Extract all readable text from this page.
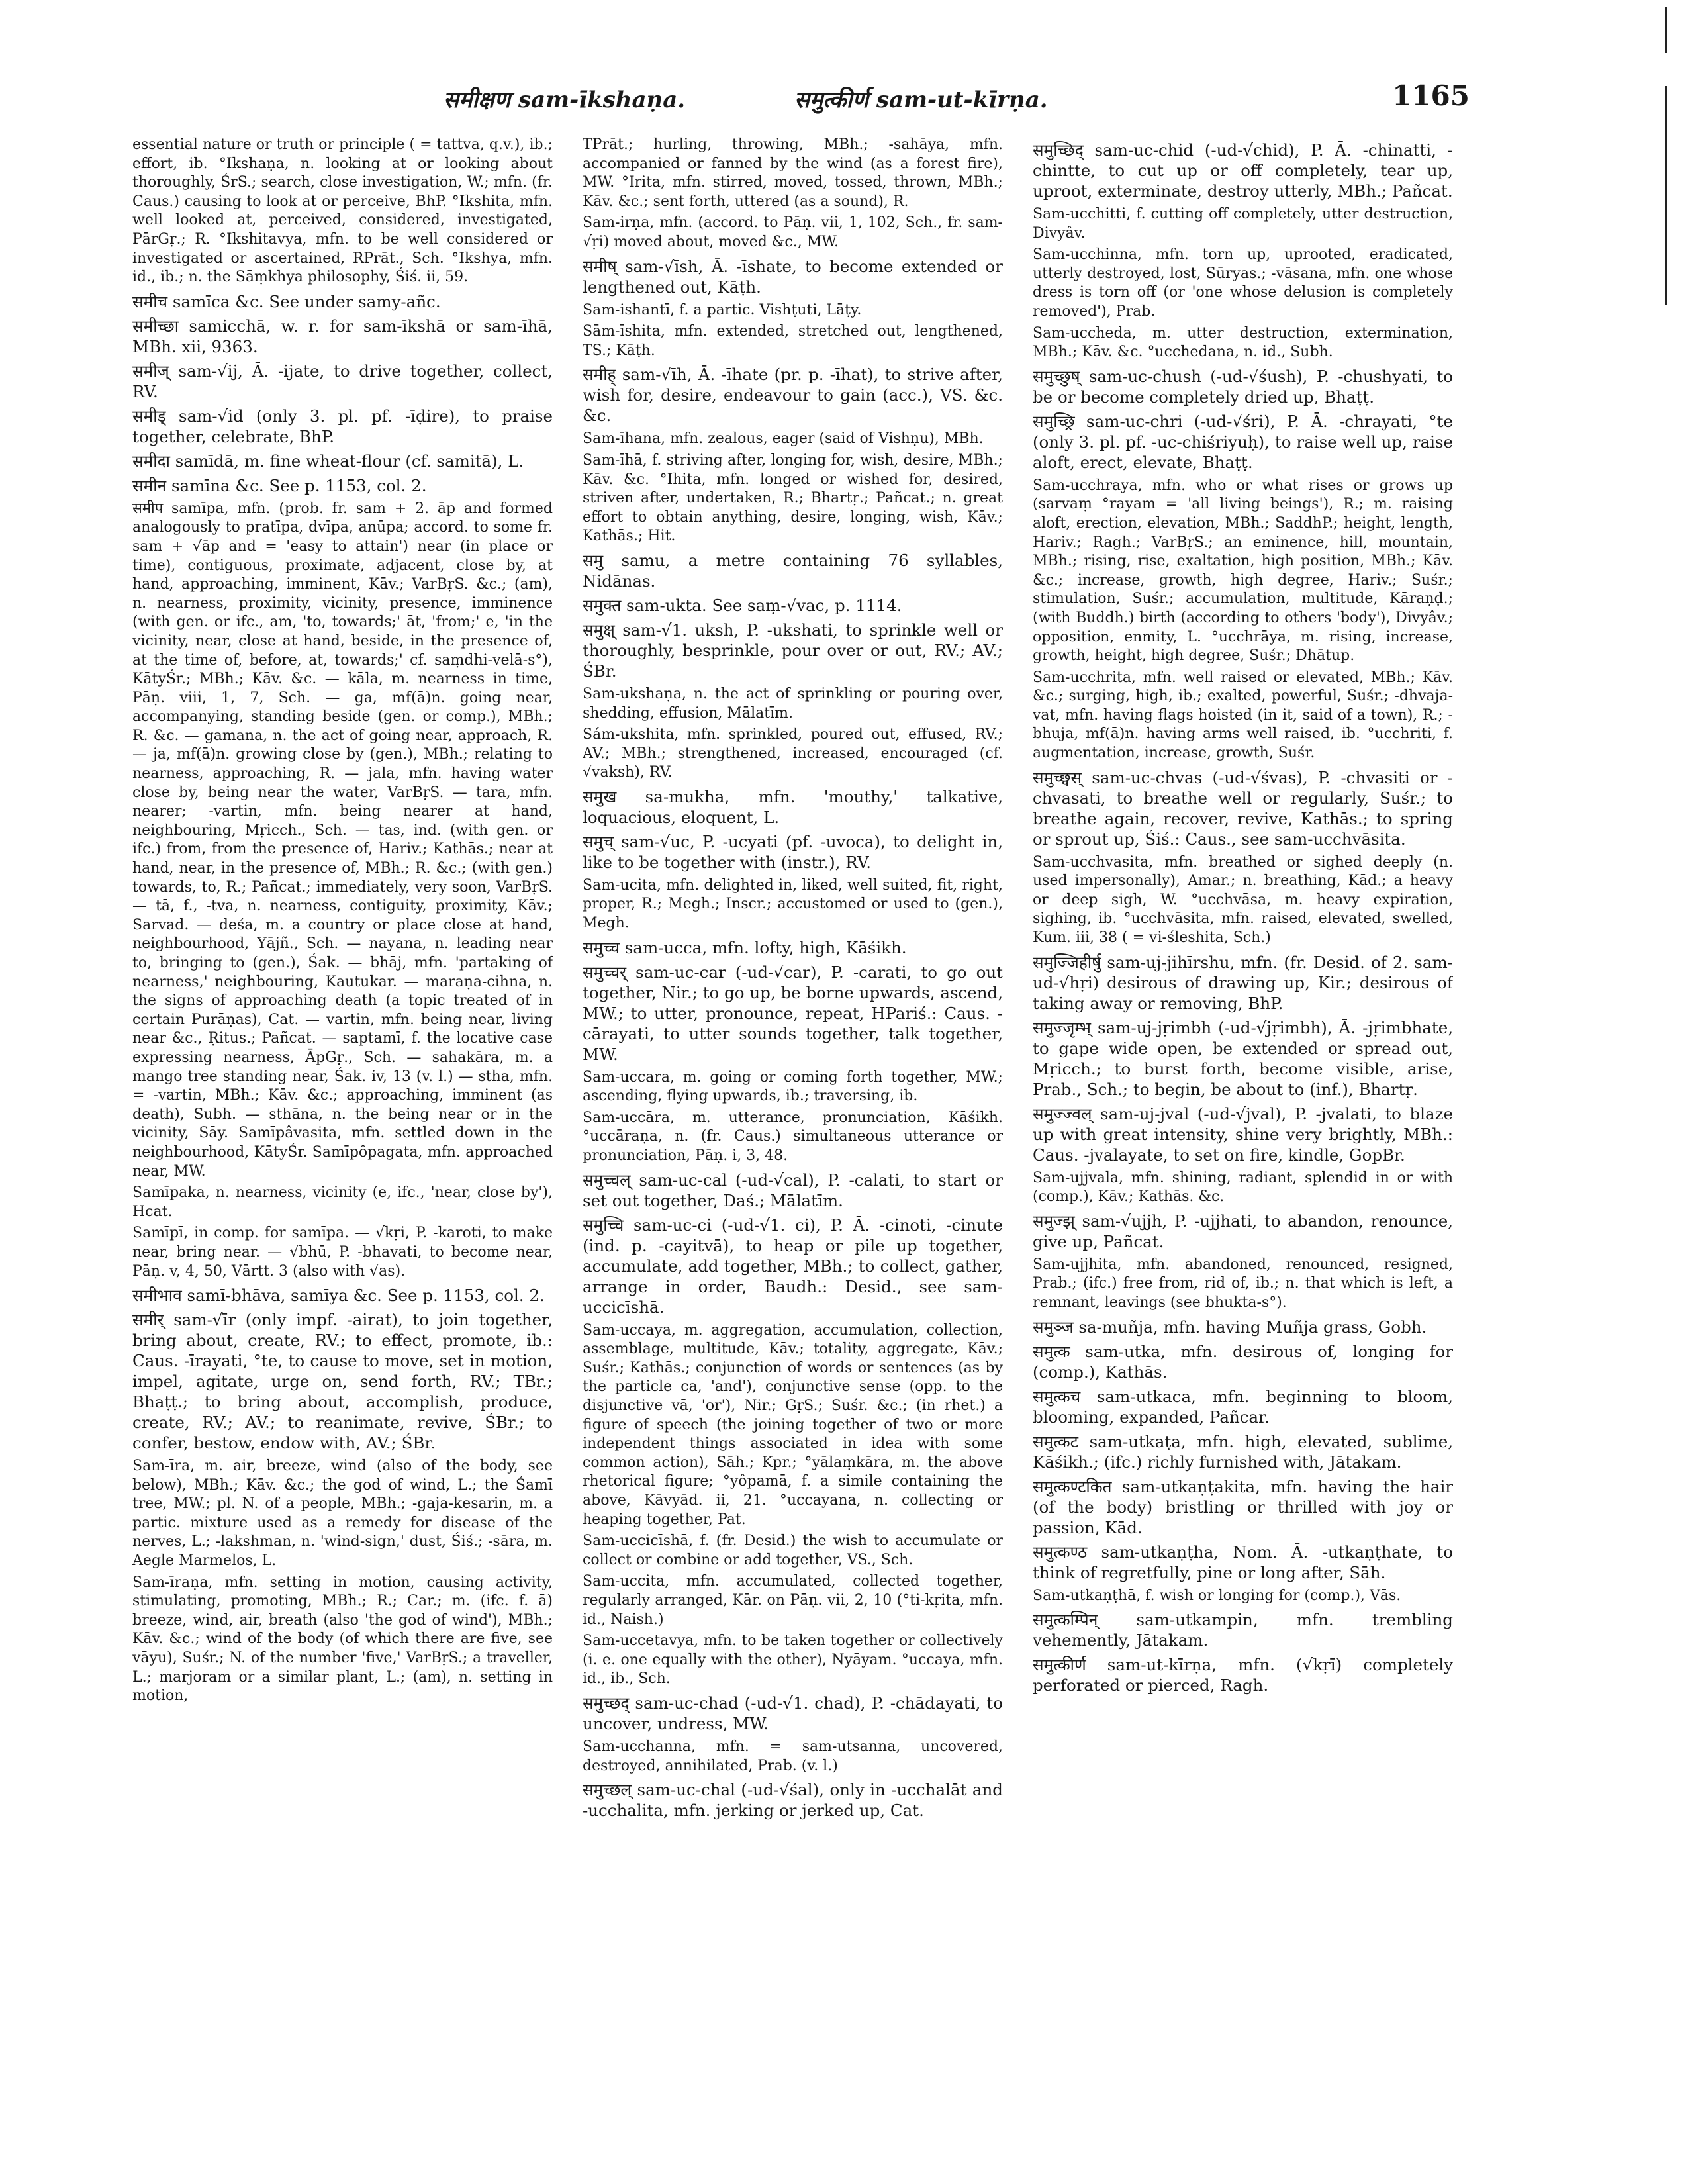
समीक्षण sam-īkshaṇa.	समुत्कीर्ण sam-ut-kīrṇa.	1165

essential nature or truth or principle ( = tattva, q.v.), ib.; effort, ib. °Ikshaṇa, n. looking at or looking about thoroughly, ŚrS.; search, close investigation, W.; mfn. (fr. Caus.) causing to look at or perceive, BhP. °Ikshita, mfn. well looked at, perceived, considered, investigated, PārGṛ.; R. °Ikshitavya, mfn. to be well considered or investigated or ascertained, RPrāt., Sch. °Ikshya, mfn. id., ib.; n. the Sāṃkhya philosophy, Śiś. ii, 59.

समीच samīca &c. See under samy-añc.

समीच्छा samicchā, w. r. for sam-īkshā or sam-īhā, MBh. xii, 9363.

समीज् sam-√ij, Ā. -ijate, to drive together, collect, RV.

समीड् sam-√id (only 3. pl. pf. -īḍire), to praise together, celebrate, BhP.

समीदा samīdā, m. fine wheat-flour (cf. samitā), L.

समीन samīna &c. See p. 1153, col. 2.

समीप samīpa, mfn. (prob. fr. sam + 2. āp and formed analogously to pratīpa, dvīpa, anūpa; accord. to some fr. sam + √āp and = 'easy to attain') near (in place or time), contiguous, proximate, adjacent, close by, at hand, approaching, imminent, Kāv.; VarBṛS. &c.; (am), n. nearness, proximity, vicinity, presence, imminence (with gen. or ifc., am, 'to, towards;' āt, 'from;' e, 'in the vicinity, near, close at hand, beside, in the presence of, at the time of, before, at, towards;' cf. saṃdhi-velā-s°), KātyŚr.; MBh.; Kāv. &c. — kāla, m. nearness in time, Pāṇ. viii, 1, 7, Sch. — ga, mf(ā)n. going near, accompanying, standing beside (gen. or comp.), MBh.; R. &c. — gamana, n. the act of going near, approach, R. — ja, mf(ā)n. growing close by (gen.), MBh.; relating to nearness, approaching, R. — jala, mfn. having water close by, being near the water, VarBṛS. — tara, mfn. nearer; -vartin, mfn. being nearer at hand, neighbouring, Mṛicch., Sch. — tas, ind. (with gen. or ifc.) from, from the presence of, Hariv.; Kathās.; near at hand, near, in the presence of, MBh.; R. &c.; (with gen.) towards, to, R.; Pañcat.; immediately, very soon, VarBṛS. — tā, f., -tva, n. nearness, contiguity, proximity, Kāv.; Sarvad. — deśa, m. a country or place close at hand, neighbourhood, Yājñ., Sch. — nayana, n. leading near to, bringing to (gen.), Śak. — bhāj, mfn. 'partaking of nearness,' neighbouring, Kautukar. — maraṇa-cihna, n. the signs of approaching death (a topic treated of in certain Purāṇas), Cat. — vartin, mfn. being near, living near &c., Ṛitus.; Pañcat. — saptamī, f. the locative case expressing nearness, ĀpGṛ., Sch. — sahakāra, m. a mango tree standing near, Śak. iv, 13 (v. l.) — stha, mfn. = -vartin, MBh.; Kāv. &c.; approaching, imminent (as death), Subh. — sthāna, n. the being near or in the vicinity, Sāy. Samīpâvasita, mfn. settled down in the neighbourhood, KātyŚr. Samīpôpagata, mfn. approached near, MW.

Samīpaka, n. nearness, vicinity (e, ifc., 'near, close by'), Hcat.

Samīpī, in comp. for samīpa. — √kṛi, P. -karoti, to make near, bring near. — √bhū, P. -bhavati, to become near, Pāṇ. v, 4, 50, Vārtt. 3 (also with √as).

समीभाव samī-bhāva, samīya &c. See p. 1153, col. 2.

समीर् sam-√īr (only impf. -airat), to join together, bring about, create, RV.; to effect, promote, ib.: Caus. -īrayati, °te, to cause to move, set in motion, impel, agitate, urge on, send forth, RV.; TBr.; Bhaṭṭ.; to bring about, accomplish, produce, create, RV.; AV.; to reanimate, revive, ŚBr.; to confer, bestow, endow with, AV.; ŚBr.

Sam-īra, m. air, breeze, wind (also of the body, see below), MBh.; Kāv. &c.; the god of wind, L.; the Śamī tree, MW.; pl. N. of a people, MBh.; -gaja-kesarin, m. a partic. mixture used as a remedy for disease of the nerves, L.; -lakshman, n. 'wind-sign,' dust, Śiś.; -sāra, m. Aegle Marmelos, L.

Sam-īraṇa, mfn. setting in motion, causing activity, stimulating, promoting, MBh.; R.; Car.; m. (ifc. f. ā) breeze, wind, air, breath (also 'the god of wind'), MBh.; Kāv. &c.; wind of the body (of which there are five, see vāyu), Suśr.; N. of the number 'five,' VarBṛS.; a traveller, L.; marjoram or a similar plant, L.; (am), n. setting in motion,

TPrāt.; hurling, throwing, MBh.; -sahāya, mfn. accompanied or fanned by the wind (as a forest fire), MW. °Irita, mfn. stirred, moved, tossed, thrown, MBh.; Kāv. &c.; sent forth, uttered (as a sound), R.

Sam-irṇa, mfn. (accord. to Pāṇ. vii, 1, 102, Sch., fr. sam-√ṛi) moved about, moved &c., MW.

समीष् sam-√īsh, Ā. -īshate, to become extended or lengthened out, Kāṭh.

Sam-ishantī, f. a partic. Vishṭuti, Lāṭy.

Sām-īshita, mfn. extended, stretched out, lengthened, TS.; Kāṭh.

समीह् sam-√īh, Ā. -īhate (pr. p. -īhat), to strive after, wish for, desire, endeavour to gain (acc.), VS. &c. &c.

Sam-īhana, mfn. zealous, eager (said of Vishṇu), MBh.

Sam-īhā, f. striving after, longing for, wish, desire, MBh.; Kāv. &c. °Ihita, mfn. longed or wished for, desired, striven after, undertaken, R.; Bhartṛ.; Pañcat.; n. great effort to obtain anything, desire, longing, wish, Kāv.; Kathās.; Hit.

समु samu, a metre containing 76 syllables, Nidānas.

समुक्त sam-ukta. See saṃ-√vac, p. 1114.

समुक्ष् sam-√1. uksh, P. -ukshati, to sprinkle well or thoroughly, besprinkle, pour over or out, RV.; AV.; ŚBr.

Sam-ukshaṇa, n. the act of sprinkling or pouring over, shedding, effusion, Mālatīm.

Sám-ukshita, mfn. sprinkled, poured out, effused, RV.; AV.; MBh.; strengthened, increased, encouraged (cf. √vaksh), RV.

समुख sa-mukha, mfn. 'mouthy,' talkative, loquacious, eloquent, L.

समुच् sam-√uc, P. -ucyati (pf. -uvoca), to delight in, like to be together with (instr.), RV.

Sam-ucita, mfn. delighted in, liked, well suited, fit, right, proper, R.; Megh.; Inscr.; accustomed or used to (gen.), Megh.

समुच्च sam-ucca, mfn. lofty, high, Kāśikh.

समुच्चर् sam-uc-car (-ud-√car), P. -carati, to go out together, Nir.; to go up, be borne upwards, ascend, MW.; to utter, pronounce, repeat, HPariś.: Caus. -cārayati, to utter sounds together, talk together, MW.

Sam-uccara, m. going or coming forth together, MW.; ascending, flying upwards, ib.; traversing, ib.

Sam-uccāra, m. utterance, pronunciation, Kāśikh. °uccāraṇa, n. (fr. Caus.) simultaneous utterance or pronunciation, Pāṇ. i, 3, 48.

समुच्चल् sam-uc-cal (-ud-√cal), P. -calati, to start or set out together, Daś.; Mālatīm.

समुच्चि sam-uc-ci (-ud-√1. ci), P. Ā. -cinoti, -cinute (ind. p. -cayitvā), to heap or pile up together, accumulate, add together, MBh.; to collect, gather, arrange in order, Baudh.: Desid., see sam-uccicīshā.

Sam-uccaya, m. aggregation, accumulation, collection, assemblage, multitude, Kāv.; totality, aggregate, Kāv.; Suśr.; Kathās.; conjunction of words or sentences (as by the particle ca, 'and'), conjunctive sense (opp. to the disjunctive vā, 'or'), Nir.; GṛS.; Suśr. &c.; (in rhet.) a figure of speech (the joining together of two or more independent things associated in idea with some common action), Sāh.; Kpr.; °yālaṃkāra, m. the above rhetorical figure; °yôpamā, f. a simile containing the above, Kāvyād. ii, 21. °uccayana, n. collecting or heaping together, Pat.

Sam-uccicīshā, f. (fr. Desid.) the wish to accumulate or collect or combine or add together, VS., Sch.

Sam-uccita, mfn. accumulated, collected together, regularly arranged, Kār. on Pāṇ. vii, 2, 10 (°ti-kṛita, mfn. id., Naish.)

Sam-uccetavya, mfn. to be taken together or collectively (i. e. one equally with the other), Nyāyam. °uccaya, mfn. id., ib., Sch.

समुच्छद् sam-uc-chad (-ud-√1. chad), P. -chādayati, to uncover, undress, MW.

Sam-ucchanna, mfn. = sam-utsanna, uncovered, destroyed, annihilated, Prab. (v. l.)

समुच्छल् sam-uc-chal (-ud-√śal), only in -ucchalāt and -ucchalita, mfn. jerking or jerked up, Cat.

समुच्छिद् sam-uc-chid (-ud-√chid), P. Ā. -chinatti, -chintte, to cut up or off completely, tear up, uproot, exterminate, destroy utterly, MBh.; Pañcat.

Sam-ucchitti, f. cutting off completely, utter destruction, Divyâv.

Sam-ucchinna, mfn. torn up, uprooted, eradicated, utterly destroyed, lost, Sūryas.; -vāsana, mfn. one whose dress is torn off (or 'one whose delusion is completely removed'), Prab.

Sam-uccheda, m. utter destruction, extermination, MBh.; Kāv. &c. °ucchedana, n. id., Subh.

समुच्छुष् sam-uc-chush (-ud-√śush), P. -chushyati, to be or become completely dried up, Bhaṭṭ.

समुच्छ्रि sam-uc-chri (-ud-√śri), P. Ā. -chrayati, °te (only 3. pl. pf. -uc-chiśriyuḥ), to raise well up, raise aloft, erect, elevate, Bhaṭṭ.

Sam-ucchraya, mfn. who or what rises or grows up (sarvaṃ °rayam = 'all living beings'), R.; m. raising aloft, erection, elevation, MBh.; SaddhP.; height, length, Hariv.; Ragh.; VarBṛS.; an eminence, hill, mountain, MBh.; rising, rise, exaltation, high position, MBh.; Kāv. &c.; increase, growth, high degree, Hariv.; Suśr.; stimulation, Suśr.; accumulation, multitude, Kāraṇḍ.; (with Buddh.) birth (according to others 'body'), Divyâv.; opposition, enmity, L. °ucchrāya, m. rising, increase, growth, height, high degree, Suśr.; Dhātup.

Sam-ucchrita, mfn. well raised or elevated, MBh.; Kāv. &c.; surging, high, ib.; exalted, powerful, Suśr.; -dhvaja-vat, mfn. having flags hoisted (in it, said of a town), R.; -bhuja, mf(ā)n. having arms well raised, ib. °ucchriti, f. augmentation, increase, growth, Suśr.

समुच्छ्वस् sam-uc-chvas (-ud-√śvas), P. -chvasiti or -chvasati, to breathe well or regularly, Suśr.; to breathe again, recover, revive, Kathās.; to spring or sprout up, Śiś.: Caus., see sam-ucchvāsita.

Sam-ucchvasita, mfn. breathed or sighed deeply (n. used impersonally), Amar.; n. breathing, Kād.; a heavy or deep sigh, W. °ucchvāsa, m. heavy expiration, sighing, ib. °ucchvāsita, mfn. raised, elevated, swelled, Kum. iii, 38 ( = vi-śleshita, Sch.)

समुज्जिहीर्षु sam-uj-jihīrshu, mfn. (fr. Desid. of 2. sam-ud-√hṛi) desirous of drawing up, Kir.; desirous of taking away or removing, BhP.

समुज्जृम्भ् sam-uj-jṛimbh (-ud-√jṛimbh), Ā. -jṛimbhate, to gape wide open, be extended or spread out, Mṛicch.; to burst forth, become visible, arise, Prab., Sch.; to begin, be about to (inf.), Bhartṛ.

समुज्ज्वल् sam-uj-jval (-ud-√jval), P. -jvalati, to blaze up with great intensity, shine very brightly, MBh.: Caus. -jvalayate, to set on fire, kindle, GopBr.

Sam-ujjvala, mfn. shining, radiant, splendid in or with (comp.), Kāv.; Kathās. &c.

समुज्झ् sam-√ujjh, P. -ujjhati, to abandon, renounce, give up, Pañcat.

Sam-ujjhita, mfn. abandoned, renounced, resigned, Prab.; (ifc.) free from, rid of, ib.; n. that which is left, a remnant, leavings (see bhukta-s°).

समुञ्ज sa-muñja, mfn. having Muñja grass, Gobh.

समुत्क sam-utka, mfn. desirous of, longing for (comp.), Kathās.

समुत्कच sam-utkaca, mfn. beginning to bloom, blooming, expanded, Pañcar.

समुत्कट sam-utkaṭa, mfn. high, elevated, sublime, Kāśikh.; (ifc.) richly furnished with, Jātakam.

समुत्कण्टकित sam-utkaṇṭakita, mfn. having the hair (of the body) bristling or thrilled with joy or passion, Kād.

समुत्कण्ठ sam-utkaṇṭha, Nom. Ā. -utkaṇṭhate, to think of regretfully, pine or long after, Sāh.

Sam-utkaṇṭhā, f. wish or longing for (comp.), Vās.

समुत्कम्पिन् sam-utkampin, mfn. trembling vehemently, Jātakam.

समुत्कीर्ण sam-ut-kīrṇa, mfn. (√kṛī) completely perforated or pierced, Ragh.
